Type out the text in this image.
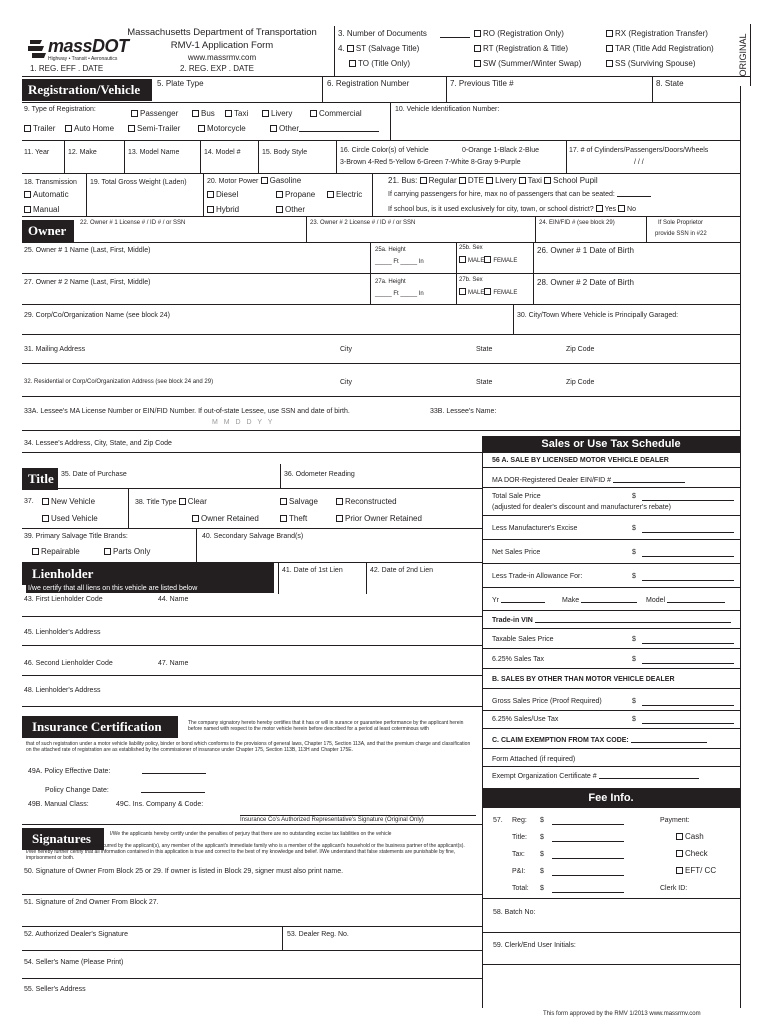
massDOT
Highway • Transit • Aeronautics
Massachusetts Department of Transportation
RMV-1 Application Form
www.massrmv.com
1. REG. EFF . DATE	2. REG. EXP . DATE	ORIGINAL
3. Number of Documents	RO (Registration Only)	RX (Registration Transfer)
4. ST (Salvage Title)	RT (Registration & Title)	TAR (Title Add Registration)
TO (Title Only)	SW (Summer/Winter Swap)	SS (Surviving Spouse)
Registration/Vehicle	5. Plate Type	6. Registration Number	7. Previous Title #	8. State
9. Type of Registration:	Passenger	Bus	Taxi	Livery	Commercial
Trailer	Auto Home	Semi-Trailer	Motorcycle	Other
10. Vehicle Identification Number:
11. Year	12. Make	13. Model Name	14. Model #	15. Body Style	16. Circle Color(s) of Vehicle	0-Orange 1-Black 2-Blue
3-Brown 4-Red 5-Yellow 6-Green 7-White 8-Gray 9-Purple
17. # of Cylinders/Passengers/Doors/Wheels
/ / /
18. Transmission
Automatic
Manual
19. Total Gross Weight (Laden)	20. Motor Power Gasoline
Diesel	Propane	Electric
Hybrid	Other
21. Bus: Regular DTE Livery Taxi School Pupil
If carrying passengers for hire, max no of passengers that can be seated:
If school bus, is it used exclusively for city, town, or school district? Yes No
Owner	22. Owner # 1 License # / ID # / or SSN	23. Owner # 2 License # / ID # / or SSN	24. EIN/FID # (see block 29)	If Sole Proprietor
provide SSN in #22
25. Owner # 1 Name (Last, First, Middle)	25a. Height
_____ Ft _____ In
25b. Sex
MALE FEMALE
26. Owner # 1 Date of Birth
27. Owner # 2 Name (Last, First, Middle)	27a. Height
_____ Ft _____ In
27b. Sex
MALE FEMALE
28. Owner # 2 Date of Birth
29. Corp/Co/Organization Name (see block 24)	30. City/Town Where Vehicle is Principally Garaged:
31. Mailing Address	City	State	Zip Code
32. Residential or Corp/Co/Organization Address (see block 24 and 29)	City	State	Zip Code
33A. Lessee's MA License Number or EIN/FID Number. If out-of-state Lessee, use SSN and date of birth.
M M D D Y Y
33B. Lessee's Name:
34. Lessee's Address, City, State, and Zip Code
Title	35. Date of Purchase	36. Odometer Reading
37.	New Vehicle
Used Vehicle
38. Title Type Clear	Salvage	Reconstructed
Owner Retained	Theft	Prior Owner Retained
39. Primary Salvage Title Brands:
Repairable	Parts Only
40. Secondary Salvage Brand(s)
Lienholder
I/we certify that all liens on this vehicle are listed below
41. Date of 1st Lien	42. Date of 2nd Lien
43. First Lienholder Code	44. Name
45. Lienholder's Address
46. Second Lienholder Code	47. Name
48. Lienholder's Address
Insurance Certification	The company signatory hereto hereby certifies that it has or will in surance or guarantee performance by the applicant herein before named with respect to the motor vehicle herein before described for a period at least coterminous with
that of such registration under a motor vehicle liability policy, binder or bond which conforms to the provisions of general laws, Chapter 175, Section 113A, and that the premium charge and classification on the attached rate of registration are as established by the commissioner of insurance under Chapter 175, Section 113B, 113H and Chapter 175E.
49A. Policy Effective Date:
Policy Change Date:
49B. Manual Class:	49C. Ins. Company & Code:
Insurance Co's Authorized Representative's Signature (Original Only)
Signatures	I/We the applicants hereby certify under the penalties of perjury that there are no outstanding excise tax liabilities on the vehicle
described above that have been incurred by the applicant(s), any member of the applicant's immediate family who is a member of the applicant's household or the business partner of the applicant(s). I/We hereby further certify that all information contained in this application is true and correct to the best of my knowledge and belief. I/We understand that false statements are punishable by fine, imprisonment or both.
50. Signature of Owner From Block 25 or 29. If owner is listed in Block 29, signer must also print name.
51. Signature of 2nd Owner From Block 27.
52. Authorized Dealer's Signature	53. Dealer Reg. No.
54. Seller's Name (Please Print)
55. Seller's Address
Sales or Use Tax Schedule
56 A. SALE BY LICENSED MOTOR VEHICLE DEALER
MA DOR-Registered Dealer EIN/FID #
Total Sale Price	$
(adjusted for dealer's discount and manufacturer's rebate)
Less Manufacturer's Excise	$
Net Sales Price	$
Less Trade-in Allowance For:	$
Yr	Make	Model
Trade-in VIN
Taxable Sales Price	$
6.25% Sales Tax	$
B. SALES BY OTHER THAN MOTOR VEHICLE DEALER
Gross Sales Price (Proof Required)	$
6.25% Sales/Use Tax	$
C. CLAIM EXEMPTION FROM TAX CODE:
Form Attached (if required)
Exempt Organization Certificate #
Fee Info.
57. Reg: $
Title: $
Tax: $
P&I: $
Total: $
Payment:
Cash
Check
EFT/ CC
Clerk ID:
58. Batch No:
59. Clerk/End User Initials:
This form approved by the RMV 1/2013 www.massrmv.com
